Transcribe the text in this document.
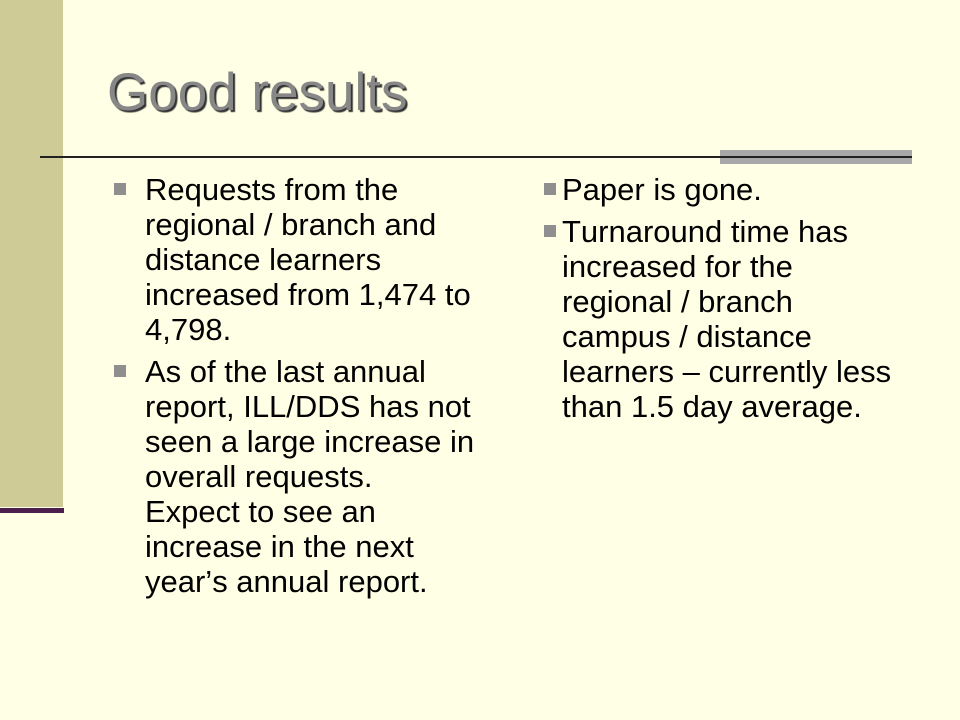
Good results
Requests from the
regional / branch and
distance learners
increased from 1,474 to
4,798.
As of the last annual
report, ILL/DDS has not
seen a large increase in
overall requests.
Expect to see an
increase in the next
year’s annual report.
Paper is gone.
Turnaround time has
increased for the
regional / branch
campus / distance
learners – currently less
than 1.5 day average.
